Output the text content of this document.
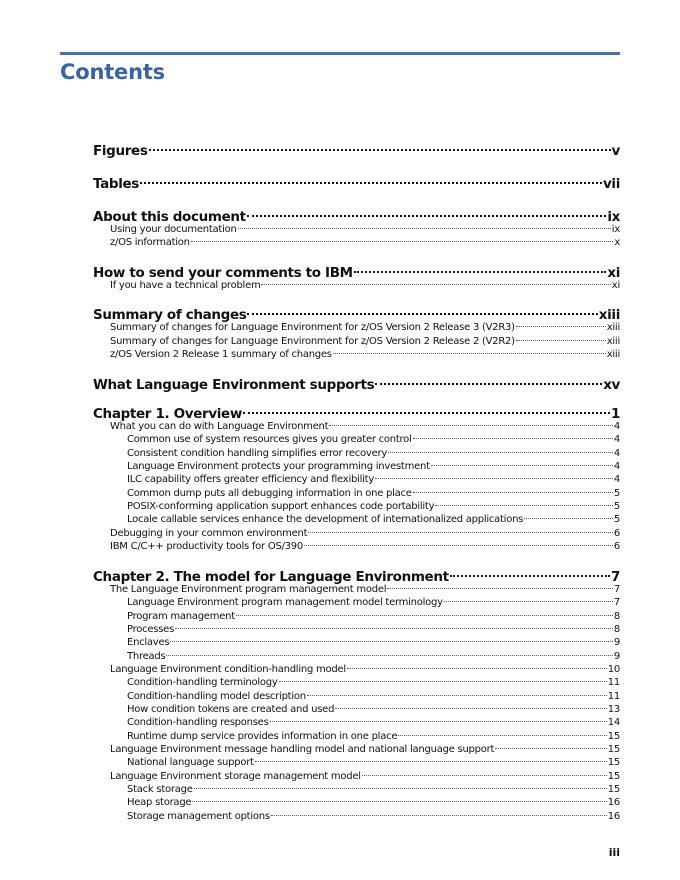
Contents
Figures	v
Tables	vii
About this document	ix
Using your documentation	ix
z/OS information	x
How to send your comments to IBM	xi
If you have a technical problem	xi
Summary of changes	xiii
Summary of changes for Language Environment for z/OS Version 2 Release 3 (V2R3)	xiii
Summary of changes for Language Environment for z/OS Version 2 Release 2 (V2R2)	xiii
z/OS Version 2 Release 1 summary of changes	xiii
What Language Environment supports	xv
Chapter 1. Overview	1
What you can do with Language Environment	4
Common use of system resources gives you greater control	4
Consistent condition handling simplifies error recovery	4
Language Environment protects your programming investment	4
ILC capability offers greater efficiency and flexibility	4
Common dump puts all debugging information in one place	5
POSIX-conforming application support enhances code portability	5
Locale callable services enhance the development of internationalized applications	5
Debugging in your common environment	6
IBM C/C++ productivity tools for OS/390	6
Chapter 2. The model for Language Environment	7
The Language Environment program management model	7
Language Environment program management model terminology	7
Program management	8
Processes	8
Enclaves	9
Threads	9
Language Environment condition-handling model	10
Condition-handling terminology	11
Condition-handling model description	11
How condition tokens are created and used	13
Condition-handling responses	14
Runtime dump service provides information in one place	15
Language Environment message handling model and national language support	15
National language support	15
Language Environment storage management model	15
Stack storage	15
Heap storage	16
Storage management options	16
iii
